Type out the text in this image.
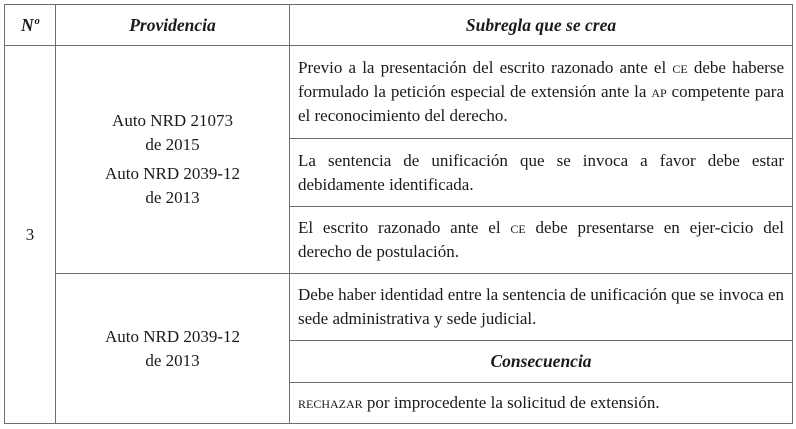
Nº	Providencia	Subregla que se crea
3
Auto NRD 21073
de 2015
Auto NRD 2039-12
de 2013
Previo a la presentación del escrito razonado ante el ce debe haberse formulado la petición especial de extensión ante la ap competente para el reconocimiento del derecho.
La sentencia de unificación que se invoca a favor debe estar debidamente identificada.
El escrito razonado ante el ce debe presentarse en ejer-cicio del derecho de postulación.
Auto NRD 2039-12
de 2013
Debe haber identidad entre la sentencia de unificación que se invoca en sede administrativa y sede judicial.
Consecuencia
rechazar por improcedente la solicitud de extensión.
